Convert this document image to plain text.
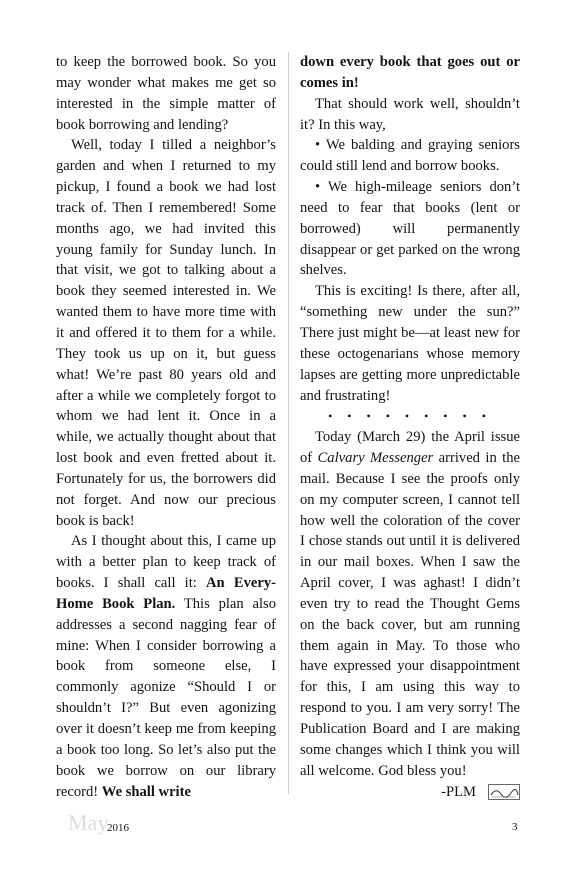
to keep the borrowed book. So you may wonder what makes me get so interested in the simple matter of book borrowing and lending?

Well, today I tilled a neighbor’s garden and when I returned to my pickup, I found a book we had lost track of. Then I remembered! Some months ago, we had invited this young family for Sunday lunch. In that visit, we got to talking about a book they seemed interested in. We wanted them to have more time with it and offered it to them for a while. They took us up on it, but guess what! We’re past 80 years old and after a while we completely forgot to whom we had lent it. Once in a while, we actually thought about that lost book and even fretted about it. Fortunately for us, the borrowers did not forget. And now our precious book is back!

As I thought about this, I came up with a better plan to keep track of books. I shall call it: An Every-Home Book Plan. This plan also addresses a second nagging fear of mine: When I consider borrowing a book from someone else, I commonly agonize “Should I or shouldn’t I?” But even agonizing over it doesn’t keep me from keeping a book too long. So let’s also put the book we borrow on our library record! We shall write

down every book that goes out or comes in!

That should work well, shouldn’t it? In this way,

• We balding and graying seniors could still lend and borrow books.

• We high-mileage seniors don’t need to fear that books (lent or borrowed) will permanently disappear or get parked on the wrong shelves.

This is exciting! Is there, after all, “something new under the sun?” There just might be—at least new for these octogenarians whose memory lapses are getting more unpredictable and frustrating!

• • • • • • • • •

Today (March 29) the April issue of Calvary Messenger arrived in the mail. Because I see the proofs only on my computer screen, I cannot tell how well the coloration of the cover I chose stands out until it is delivered in our mail boxes. When I saw the April cover, I was aghast! I didn’t even try to read the Thought Gems on the back cover, but am running them again in May. To those who have expressed your disappointment for this, I am using this way to respond to you. I am very sorry! The Publication Board and I are making some changes which I think you will all welcome. God bless you!

-PLM

May
2016	3
